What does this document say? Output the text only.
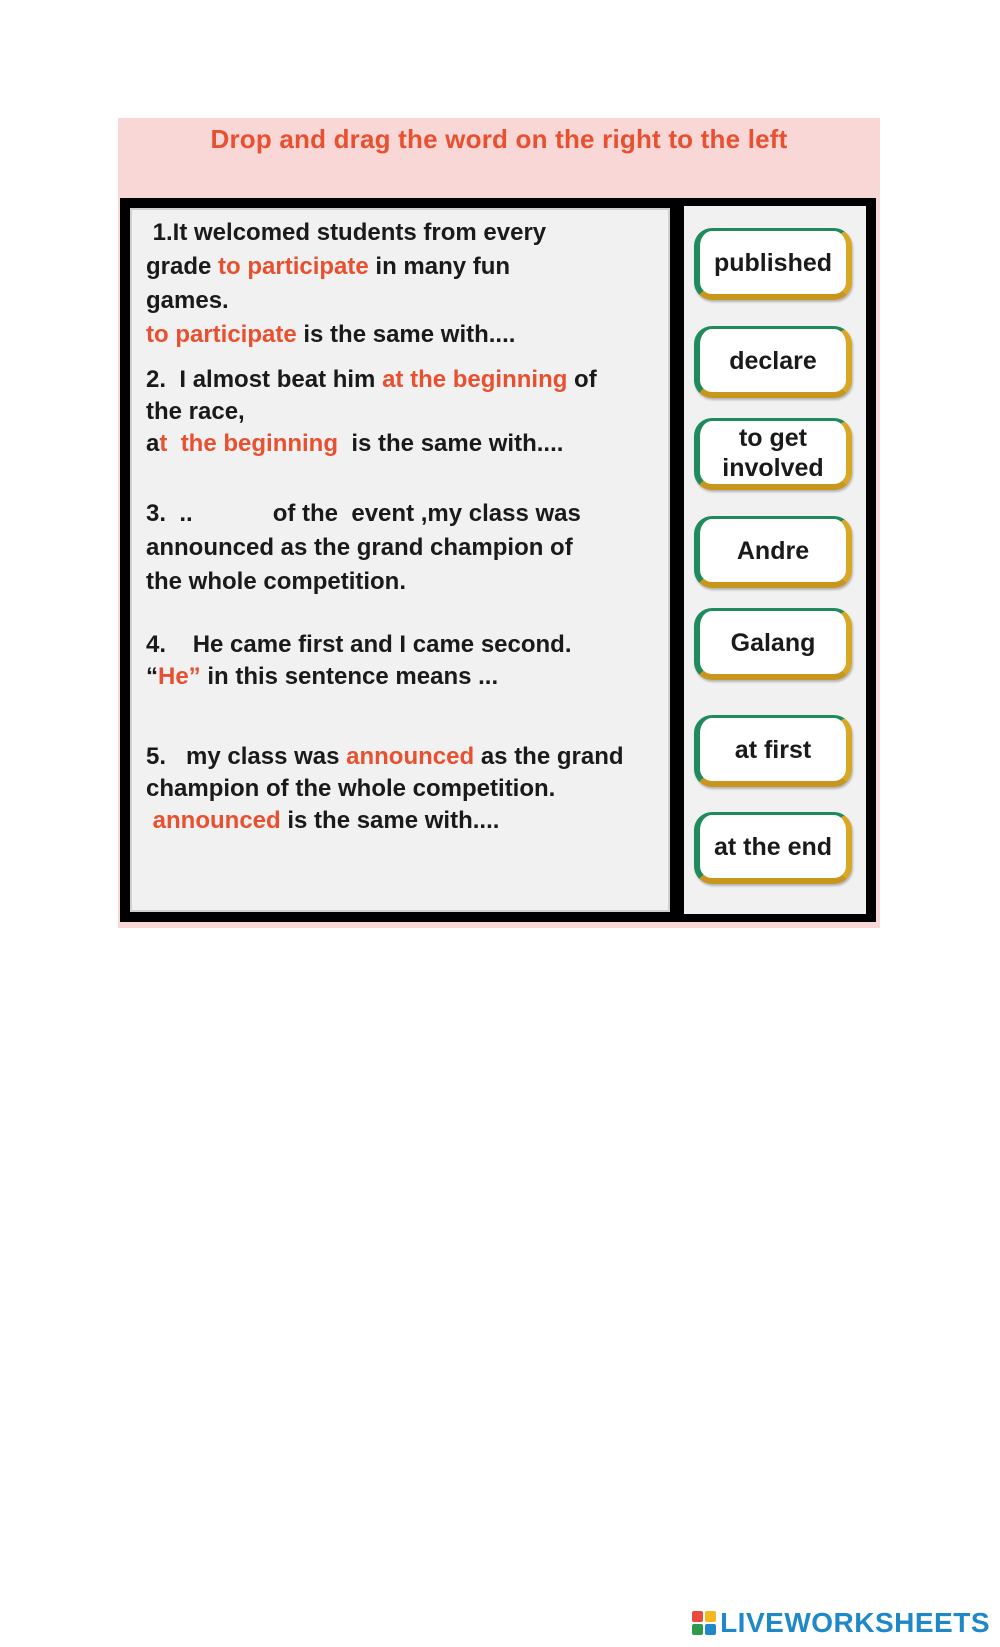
Drop and drag the word on the right to the left
1.It welcomed students from every
grade to participate in many fun
games.
to participate is the same with....
2.  I almost beat him at the beginning of
the race,
at  the beginning  is the same with....
3.  ..            of the  event ,my class was
announced as the grand champion of
the whole competition.
4.    He came first and I came second.
“He” in this sentence means ...
5.   my class was announced as the grand
champion of the whole competition.
announced is the same with....
published
declare
to get involved
Andre
Galang
at first
at the end
LIVEWORKSHEETS
